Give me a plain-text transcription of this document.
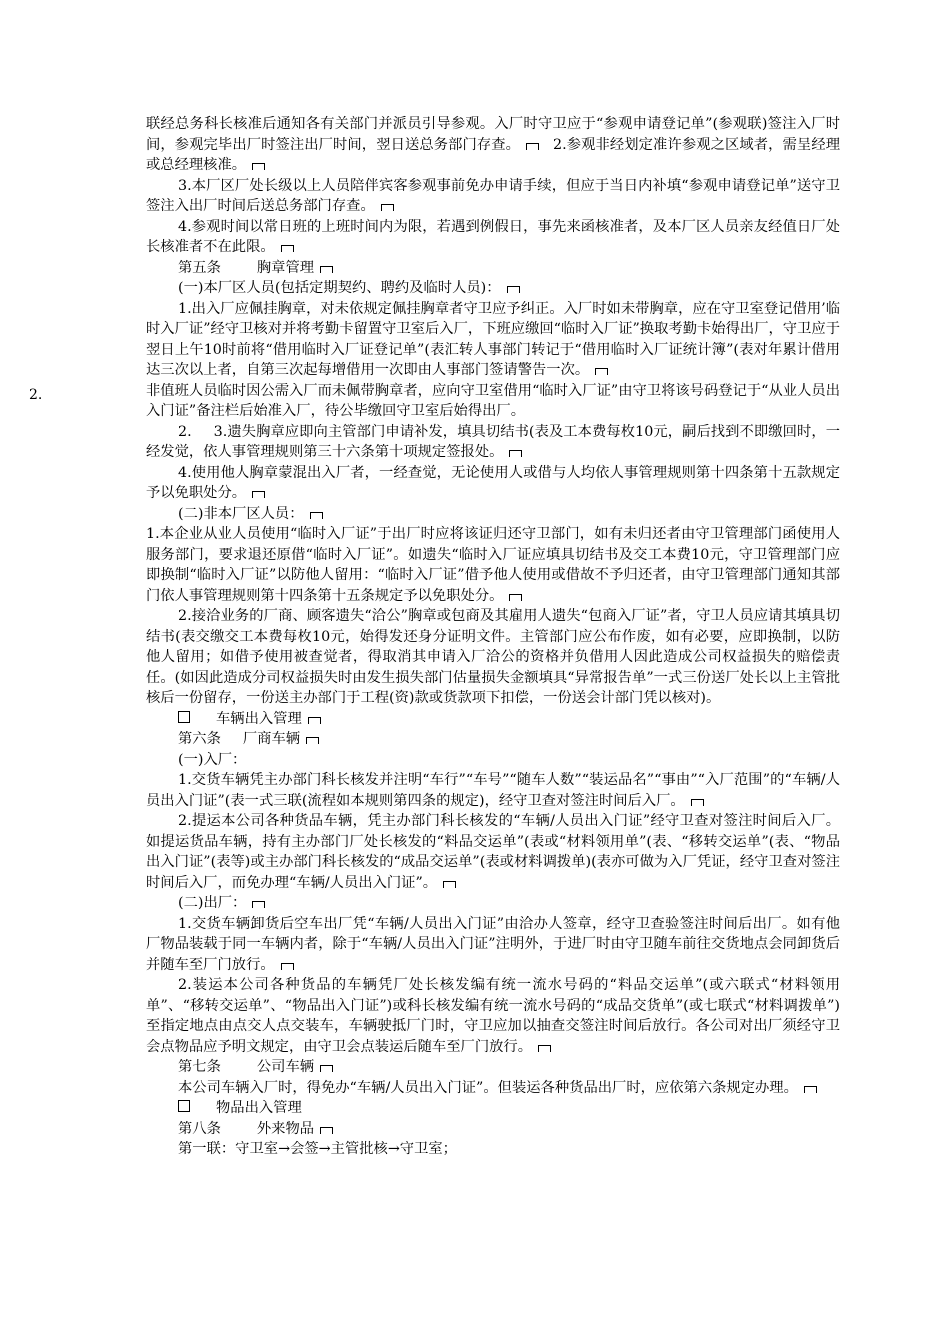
2.

联经总务科长核准后通知各有关部门并派员引导参观。入厂时守卫应于“参观申请登记单”(参观联)签注入厂时间，参观完毕出厂时签注出厂时间，翌日送总务部门存查。 2.参观非经划定准许参观之区域者，需呈经理或总经理核准。

3.本厂区厂处长级以上人员陪伴宾客参观事前免办申请手续，但应于当日内补填“参观申请登记单”送守卫签注入出厂时间后送总务部门存查。

4.参观时间以常日班的上班时间内为限，若遇到例假日，事先来函核准者，及本厂区人员亲友经值日厂处长核准者不在此限。

第五条	胸章管理

(一)本厂区人员(包括定期契约、聘约及临时人员)：

1.出入厂应佩挂胸章，对未依规定佩挂胸章者守卫应予纠正。入厂时如未带胸章，应在守卫室登记借用’临时入厂证”经守卫核对并将考勤卡留置守卫室后入厂，下班应缴回“临时入厂证”换取考勤卡始得出厂，守卫应于翌日上午10时前将“借用临时入厂证登记单”(表汇转人事部门转记于“借用临时入厂证统计簿”(表对年累计借用达三次以上者，自第三次起每增借用一次即由人事部门签请警告一次。

非值班人员临时因公需入厂而未佩带胸章者，应向守卫室借用“临时入厂证”由守卫将该号码登记于“从业人员出入门证”备注栏后始准入厂，待公毕缴回守卫室后始得出厂。

2. 3.遗失胸章应即向主管部门申请补发，填具切结书(表及工本费每枚10元，嗣后找到不即缴回时，一经发觉，依人事管理规则第三十六条第十项规定签报处。

4.使用他人胸章蒙混出入厂者，一经查觉，无论使用人或借与人均依人事管理规则第十四条第十五款规定予以免职处分。

(二)非本厂区人员：

1.本企业从业人员使用“临时入厂证”于出厂时应将该证归还守卫部门，如有未归还者由守卫管理部门函使用人服务部门，要求退还原借“临时入厂证”。如遗失“临时入厂证应填具切结书及交工本费10元，守卫管理部门应即换制“临时入厂证”以防他人留用：“临时入厂证”借予他人使用或借故不予归还者，由守卫管理部门通知其部门依人事管理规则第十四条第十五条规定予以免职处分。

2.接洽业务的厂商、顾客遗失“洽公”胸章或包商及其雇用人遗失“包商入厂证”者，守卫人员应请其填具切结书(表交缴交工本费每枚10元，始得发还身分证明文件。主管部门应公布作废，如有必要，应即换制，以防他人留用；如借予使用被查觉者，得取消其申请入厂洽公的资格并负借用人因此造成公司权益损失的赔偿责任。(如因此造成分司权益损失时由发生损失部门估量损失金额填具“异常报告单”一式三份送厂处长以上主管批核后一份留存，一份送主办部门于工程(资)款或货款项下扣偿，一份送会计部门凭以核对)。

车辆出入管理

第六条 厂商车辆

(一)入厂：

1.交货车辆凭主办部门科长核发并注明“车行”“车号”“随车人数”“装运品名”“事由”“入厂范围”的“车辆/人员出入门证”(表一式三联(流程如本规则第四条的规定)，经守卫查对签注时间后入厂。

2.提运本公司各种货品车辆，凭主办部门科长核发的“车辆/人员出入门证”经守卫查对签注时间后入厂。如提运货品车辆，持有主办部门厂处长核发的“料品交运单”(表或“材料领用单”(表、“移转交运单”(表、“物品出入门证”(表等)或主办部门科长核发的“成品交运单”(表或材料调拨单)(表亦可做为入厂凭证，经守卫查对签注时间后入厂，而免办理“车辆/人员出入门证”。

(二)出厂：

1.交货车辆卸货后空车出厂凭“车辆/人员出入门证”由洽办人签章，经守卫查验签注时间后出厂。如有他厂物品装载于同一车辆内者，除于“车辆/人员出入门证”注明外，于进厂时由守卫随车前往交货地点会同卸货后并随车至厂门放行。

2.装运本公司各种货品的车辆凭厂处长核发编有统一流水号码的“料品交运单”(或六联式“材料领用单”、“移转交运单”、“物品出入门证”)或科长核发编有统一流水号码的“成品交货单”(或七联式“材料调拨单”)至指定地点由点交人点交装车，车辆驶抵厂门时，守卫应加以抽查交签注时间后放行。各公司对出厂须经守卫会点物品应予明文规定，由守卫会点装运后随车至厂门放行。

第七条	公司车辆

本公司车辆入厂时，得免办“车辆/人员出入门证”。但装运各种货品出厂时，应依第六条规定办理。

物品出入管理

第八条	外来物品

第一联：守卫室→会签→主管批核→守卫室；
